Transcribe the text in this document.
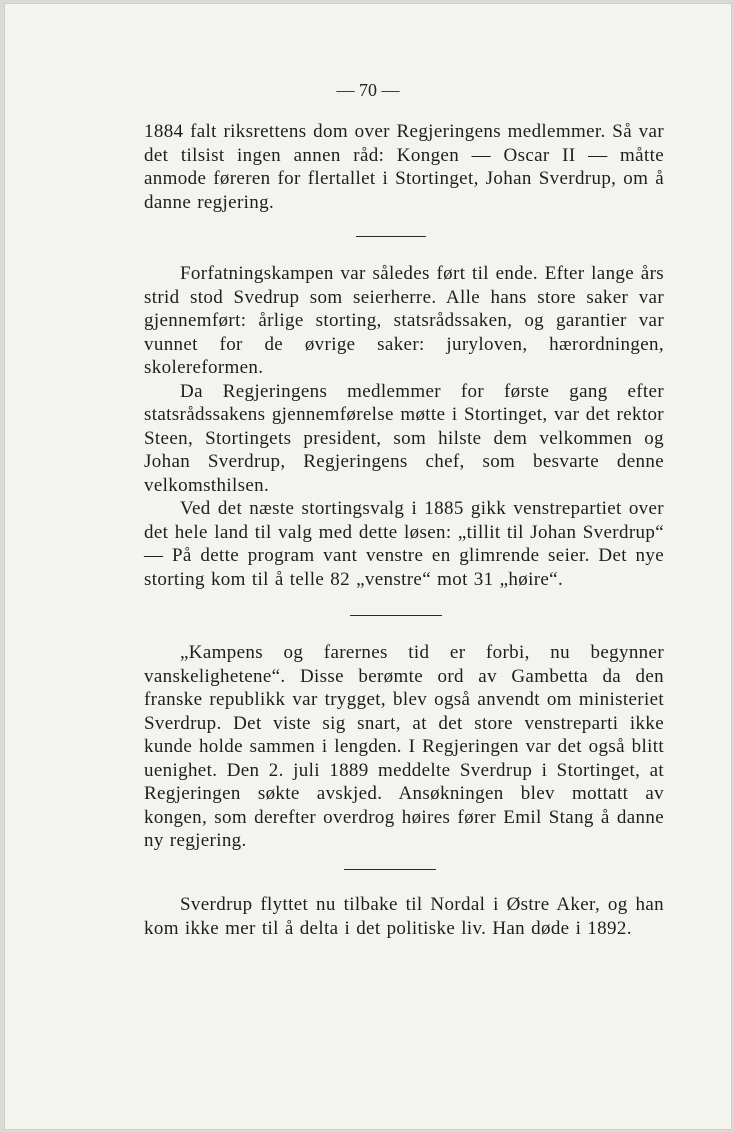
— 70 —

1884 falt riksrettens dom over Regjeringens medlemmer. Så var det tilsist ingen annen råd: Kongen — Oscar II — måtte anmode føreren for flertallet i Stortinget, Johan Sverdrup, om å danne regjering.

Forfatningskampen var således ført til ende. Efter lange års strid stod Svedrup som seierherre. Alle hans store saker var gjennemført: årlige storting, statsrådssaken, og garantier var vunnet for de øvrige saker: juryloven, hærordningen, skolereformen.

Da Regjeringens medlemmer for første gang efter statsrådssakens gjennemførelse møtte i Stortinget, var det rektor Steen, Stortingets president, som hilste dem velkommen og Johan Sverdrup, Regjeringens chef, som besvarte denne velkomsthilsen.

Ved det næste stortingsvalg i 1885 gikk venstrepartiet over det hele land til valg med dette løsen: „tillit til Johan Sverdrup“ — På dette program vant venstre en glimrende seier. Det nye storting kom til å telle 82 „venstre“ mot 31 „høire“.

„Kampens og farernes tid er forbi, nu begynner vanskelighetene“. Disse berømte ord av Gambetta da den franske republikk var trygget, blev også anvendt om ministeriet Sverdrup. Det viste sig snart, at det store venstreparti ikke kunde holde sammen i lengden. I Regjeringen var det også blitt uenighet. Den 2. juli 1889 meddelte Sverdrup i Stortinget, at Regjeringen søkte avskjed. Ansøkningen blev mottatt av kongen, som derefter overdrog høires fører Emil Stang å danne ny regjering.

Sverdrup flyttet nu tilbake til Nordal i Østre Aker, og han kom ikke mer til å delta i det politiske liv. Han døde i 1892.
